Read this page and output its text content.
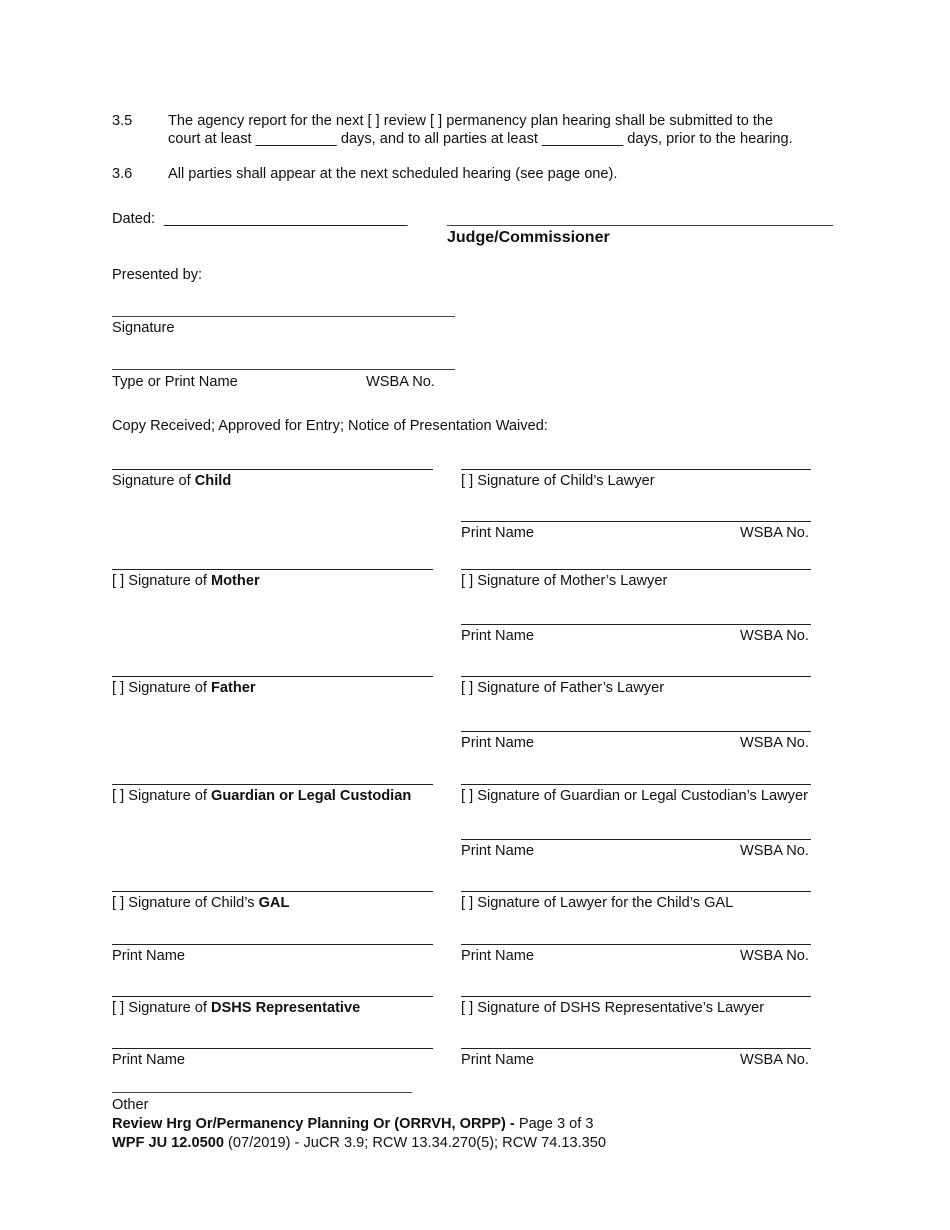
3.5	The agency report for the next [ ] review [ ] permanency plan hearing shall be submitted to the
court at least __________ days, and to all parties at least __________ days, prior to the hearing.
3.6	All parties shall appear at the next scheduled hearing (see page one).
Dated: ______________________________
Judge/Commissioner
Presented by:
Signature
Type or Print Name	WSBA No.
Copy Received; Approved for Entry; Notice of Presentation Waived:
Signature of Child	[ ] Signature of Child’s Lawyer
Print Name	WSBA No.
[ ] Signature of Mother	[ ] Signature of Mother’s Lawyer
Print Name	WSBA No.
[ ] Signature of Father	[ ] Signature of Father’s Lawyer
Print Name	WSBA No.
[ ] Signature of Guardian or Legal Custodian	[ ] Signature of Guardian or Legal Custodian’s Lawyer
Print Name	WSBA No.
[ ] Signature of Child’s GAL	[ ] Signature of Lawyer for the Child’s GAL
Print Name	Print Name	WSBA No.
[ ] Signature of DSHS Representative	[ ] Signature of DSHS Representative’s Lawyer
Print Name	Print Name	WSBA No.
Other
Review Hrg Or/Permanency Planning Or (ORRVH, ORPP) - Page 3 of 3
WPF JU 12.0500 (07/2019) - JuCR 3.9; RCW 13.34.270(5); RCW 74.13.350
